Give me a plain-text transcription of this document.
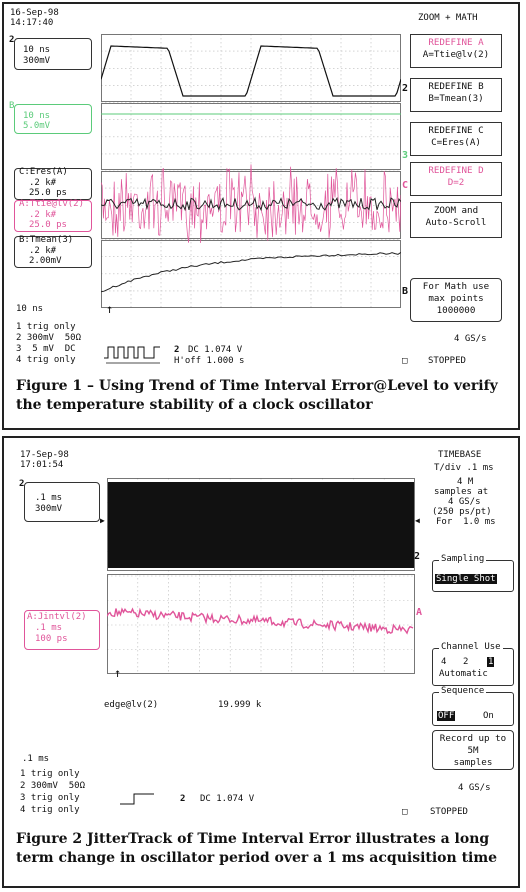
16-Sep-98
14:17:40	ZOOM + MATH
2
10 ns
300mV
B
10 ns
5.0mV
C:Eres(A)
.2 k#
25.0 ps
A:Ttie@lv(2)
.2 k#
25.0 ps
B:Tmean(3)
.2 k#
2.00mV
REDEFINE A
A=Ttie@lv(2)
REDEFINE B
B=Tmean(3)
REDEFINE C
C=Eres(A)
REDEFINE D
D=2
ZOOM and
Auto-Scroll
For Math use
max points
1000000
↑
2
3
C
B
10 ns
1 trig only
2 300mV  50Ω
3  5 mV  DC
4 trig only
2 DC 1.074 V
H'off 1.000 s
4 GS/s
□ STOPPED
Figure 1 – Using Trend of Time Interval Error@Level to verify the temperature stability of a clock oscillator
17-Sep-98
17:01:54
TIMEBASE
T/div .1 ms
4 M
samples at
4 GS/s
(250 ps/pt)
For  1.0 ms
2
.1 ms
300mV
A:Jintvl(2)
.1 ms
100 ps
▶	◀
2
A
↑
edge@lv(2)	19.999 k
Sampling
Single Shot
Channel Use
4 2 1
Automatic
Sequence
OFF	On
Record up to
5M
samples
.1 ms
1 trig only
2 300mV  50Ω
3 trig only
4 trig only
2 DC 1.074 V
4 GS/s
□	STOPPED
Figure 2 JitterTrack of Time Interval Error illustrates a long term change in oscillator period over a 1 ms acquisition time
